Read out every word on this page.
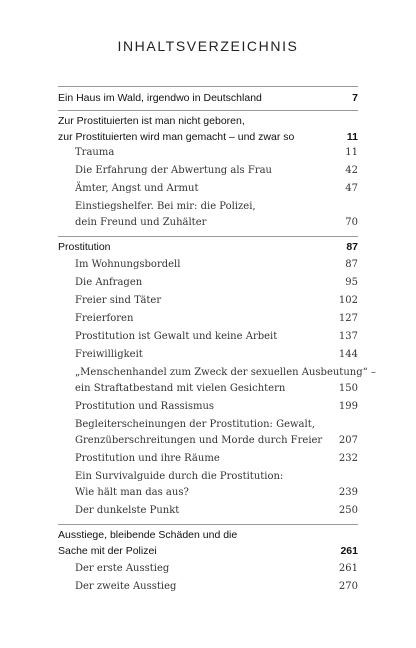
INHALTSVERZEICHNIS
Ein Haus im Wald, irgendwo in Deutschland	7
Zur Prostituierten ist man nicht geboren,
zur Prostituierten wird man gemacht – und zwar so	11
Trauma	11
Die Erfahrung der Abwertung als Frau	42
Ämter, Angst und Armut	47
Einstiegshelfer. Bei mir: die Polizei,
dein Freund und Zuhälter	70
Prostitution	87
Im Wohnungsbordell	87
Die Anfragen	95
Freier sind Täter	102
Freierforen	127
Prostitution ist Gewalt und keine Arbeit	137
Freiwilligkeit	144
„Menschenhandel zum Zweck der sexuellen Ausbeutung“ –
ein Straftatbestand mit vielen Gesichtern	150
Prostitution und Rassismus	199
Begleiterscheinungen der Prostitution: Gewalt,
Grenzüberschreitungen und Morde durch Freier 207
Prostitution und ihre Räume	232
Ein Survivalguide durch die Prostitution:
Wie hält man das aus?	239
Der dunkelste Punkt	250
Ausstiege, bleibende Schäden und die
Sache mit der Polizei	261
Der erste Ausstieg	261
Der zweite Ausstieg	270
